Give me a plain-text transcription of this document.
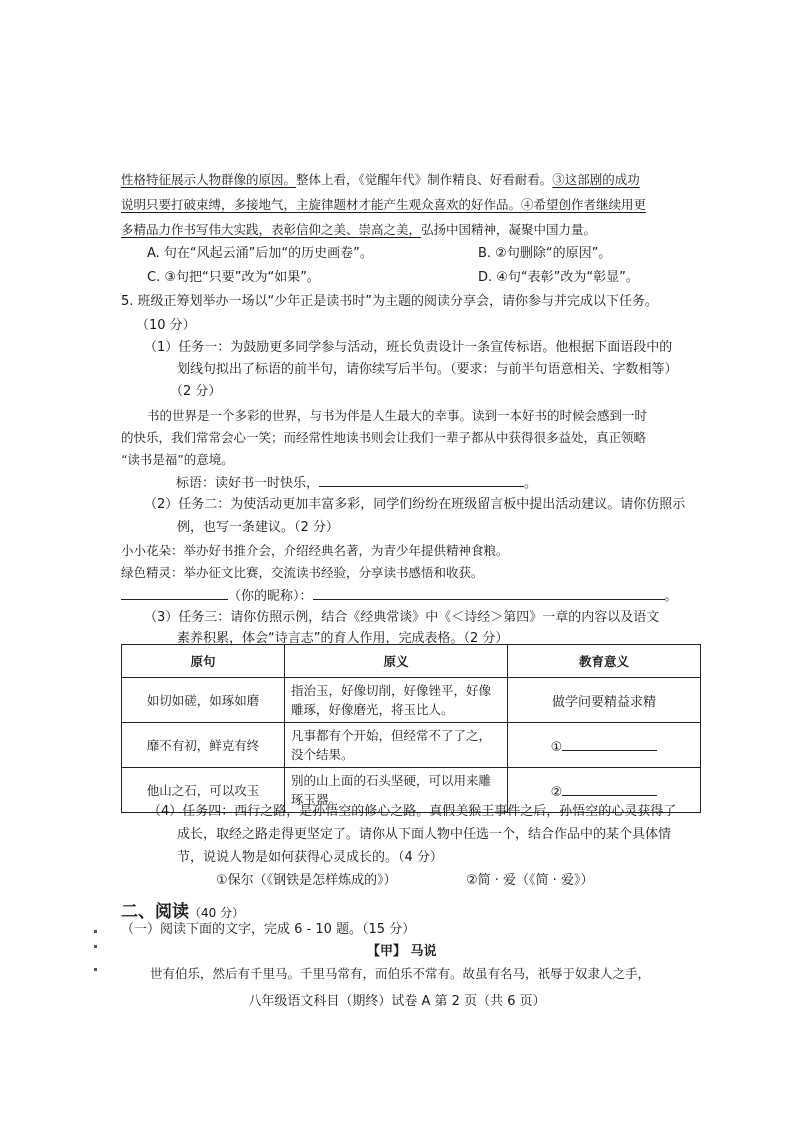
性格特征展示人物群像的原因。整体上看，《觉醒年代》制作精良、好看耐看。③这部剧的成功
说明只要打破束缚，多接地气，主旋律题材才能产生观众喜欢的好作品。④希望创作者继续用更
多精品力作书写伟大实践，表彰信仰之美、崇高之美，弘扬中国精神，凝聚中国力量。
A. 句在“风起云涌”后加“的历史画卷”。	B. ②句删除“的原因”。
C. ③句把“只要”改为“如果”。	D. ④句“表彰”改为“彰显”。
5. 班级正筹划举办一场以“少年正是读书时”为主题的阅读分享会，请你参与并完成以下任务。
（10 分）
（1）任务一：为鼓励更多同学参与活动，班长负责设计一条宣传标语。他根据下面语段中的
划线句拟出了标语的前半句，请你续写后半句。（要求：与前半句语意相关、字数相等）
（2 分）
书的世界是一个多彩的世界，与书为伴是人生最大的幸事。读到一本好书的时候会感到一时
的快乐，我们常常会心一笑；而经常性地读书则会让我们一辈子都从中获得很多益处，真正领略
“读书是福”的意境。
标语：读好书一时快乐，	。
（2）任务二：为使活动更加丰富多彩，同学们纷纷在班级留言板中提出活动建议。请你仿照示
例，也写一条建议。（2 分）
小小花朵：举办好书推介会，介绍经典名著，为青少年提供精神食粮。
绿色精灵：举办征文比赛，交流读书经验，分享读书感悟和收获。
（你的昵称）：	。
（3）任务三：请你仿照示例，结合《经典常谈》中《＜诗经＞第四》一章的内容以及语文
素养积累，体会“诗言志”的育人作用，完成表格。（2 分）
原句	原义	教育意义
如切如磋，如琢如磨	指治玉，好像切削，好像锉平，好像雕琢，好像磨光，将玉比人。	做学问要精益求精
靡不有初，鲜克有终	凡事都有个开始，但经常不了了之，没个结果。	①
他山之石，可以攻玉	别的山上面的石头坚硬，可以用来雕琢玉器。	②
（4）任务四：西行之路，是孙悟空的修心之路。真假美猴王事件之后，孙悟空的心灵获得了
成长，取经之路走得更坚定了。请你从下面人物中任选一个，结合作品中的某个具体情
节，说说人物是如何获得心灵成长的。（4 分）
①保尔（《钢铁是怎样炼成的》）	②简 · 爱（《简 · 爱》）
二、阅读（40 分）
（一）阅读下面的文字，完成 6 - 10 题。（15 分）
【甲】 马说
世有伯乐，然后有千里马。千里马常有，而伯乐不常有。故虽有名马，祇辱于奴隶人之手，
八年级语文科目（期终）试卷 A 第 2 页（共 6 页）
